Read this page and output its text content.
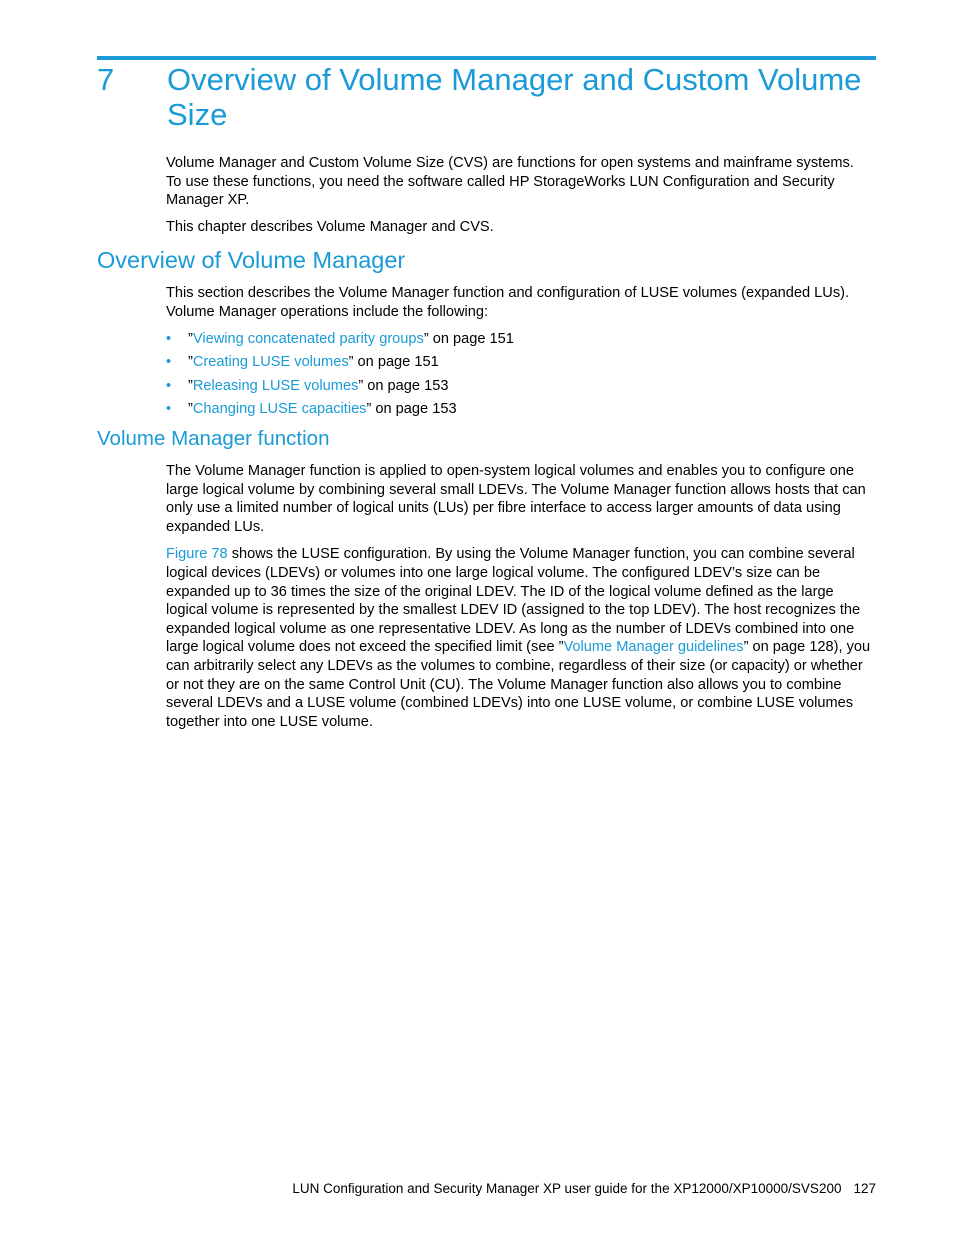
7 Overview of Volume Manager and Custom Volume Size

Volume Manager and Custom Volume Size (CVS) are functions for open systems and mainframe systems. To use these functions, you need the software called HP StorageWorks LUN Configuration and Security Manager XP.

This chapter describes Volume Manager and CVS.

Overview of Volume Manager

This section describes the Volume Manager function and configuration of LUSE volumes (expanded LUs). Volume Manager operations include the following:

• ”Viewing concatenated parity groups” on page 151
• ”Creating LUSE volumes” on page 151
• ”Releasing LUSE volumes” on page 153
• ”Changing LUSE capacities” on page 153
Volume Manager function

The Volume Manager function is applied to open-system logical volumes and enables you to configure one large logical volume by combining several small LDEVs. The Volume Manager function allows hosts that can only use a limited number of logical units (LUs) per fibre interface to access larger amounts of data using expanded LUs.

Figure 78 shows the LUSE configuration. By using the Volume Manager function, you can combine several logical devices (LDEVs) or volumes into one large logical volume. The configured LDEV’s size can be expanded up to 36 times the size of the original LDEV. The ID of the logical volume defined as the large logical volume is represented by the smallest LDEV ID (assigned to the top LDEV). The host recognizes the expanded logical volume as one representative LDEV. As long as the number of LDEVs combined into one large logical volume does not exceed the specified limit (see ”Volume Manager guidelines” on page 128), you can arbitrarily select any LDEVs as the volumes to combine, regardless of their size (or capacity) or whether or not they are on the same Control Unit (CU). The Volume Manager function also allows you to combine several LDEVs and a LUSE volume (combined LDEVs) into one LUSE volume, or combine LUSE volumes together into one LUSE volume.

LUN Configuration and Security Manager XP user guide for the XP12000/XP10000/SVS200 127
